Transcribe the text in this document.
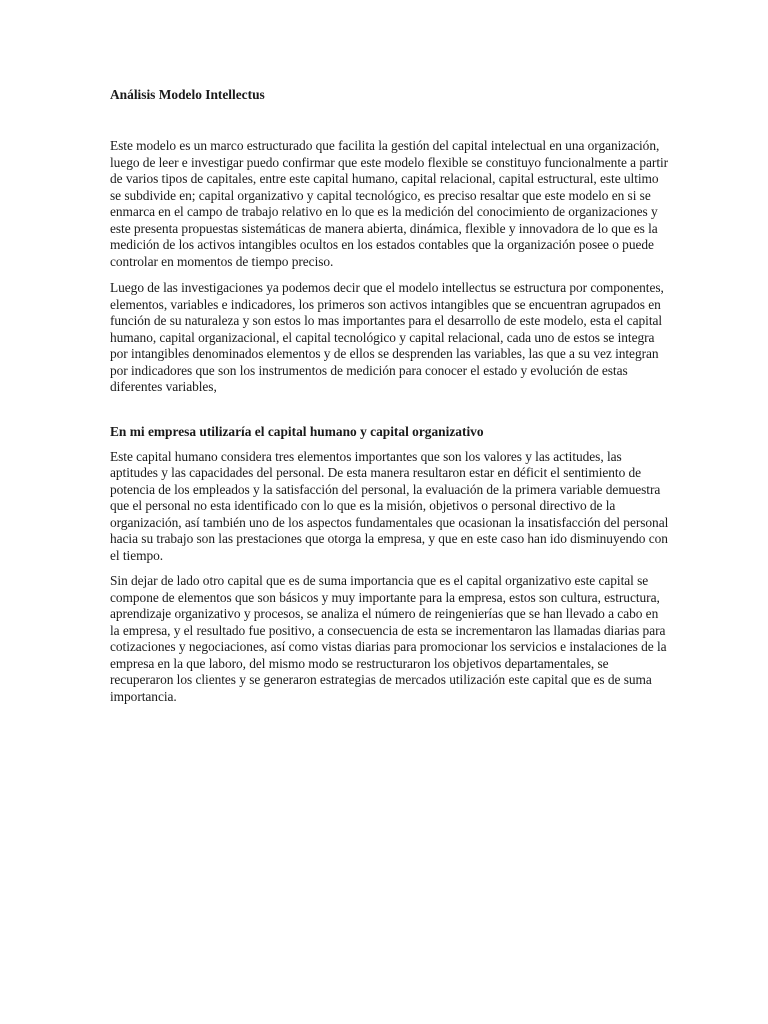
Análisis Modelo Intellectus

Este modelo es un marco estructurado que facilita la gestión del capital intelectual en una organización, luego de leer e investigar puedo confirmar que este modelo flexible se constituyo funcionalmente a partir de varios tipos de capitales, entre este capital humano, capital relacional, capital estructural, este ultimo se subdivide en; capital organizativo y capital tecnológico, es preciso resaltar que este modelo en si se enmarca en el campo de trabajo relativo en lo que es la medición del conocimiento de organizaciones y este presenta propuestas sistemáticas de manera abierta, dinámica, flexible y innovadora de lo que es la medición de los activos intangibles ocultos en los estados contables que la organización posee o puede controlar en momentos de tiempo preciso.

Luego de las investigaciones ya podemos decir que el modelo intellectus se estructura por componentes, elementos, variables e indicadores, los primeros son activos intangibles que se encuentran agrupados en función de su naturaleza y son estos lo mas importantes para el desarrollo de este modelo, esta el capital humano, capital organizacional, el capital tecnológico y capital relacional, cada uno de estos se integra por intangibles denominados elementos y de ellos se desprenden las variables, las que a su vez integran por indicadores que son los instrumentos de medición para conocer el estado y evolución de estas diferentes variables,

En mi empresa utilizaría el capital humano y capital organizativo

Este capital humano considera tres elementos importantes que son los valores y las actitudes, las aptitudes y las capacidades del personal. De esta manera resultaron estar en déficit el sentimiento de potencia de los empleados y la satisfacción del personal, la evaluación de la primera variable demuestra que el personal no esta identificado con lo que es la misión, objetivos o personal directivo de la organización, así también uno de los aspectos fundamentales que ocasionan la insatisfacción del personal hacia su trabajo son las prestaciones que otorga la empresa, y que en este caso han ido disminuyendo con el tiempo.

Sin dejar de lado otro capital que es de suma importancia que es el capital organizativo este capital se compone de elementos que son básicos y muy importante para la empresa, estos son cultura, estructura, aprendizaje organizativo y procesos, se analiza el número de reingenierías que se han llevado a cabo en la empresa, y el resultado fue positivo, a consecuencia de esta se incrementaron las llamadas diarias para cotizaciones y negociaciones, así como vistas diarias para promocionar los servicios e instalaciones de la empresa en la que laboro, del mismo modo se restructuraron los objetivos departamentales, se recuperaron los clientes y se generaron estrategias de mercados utilización este capital que es de suma importancia.
